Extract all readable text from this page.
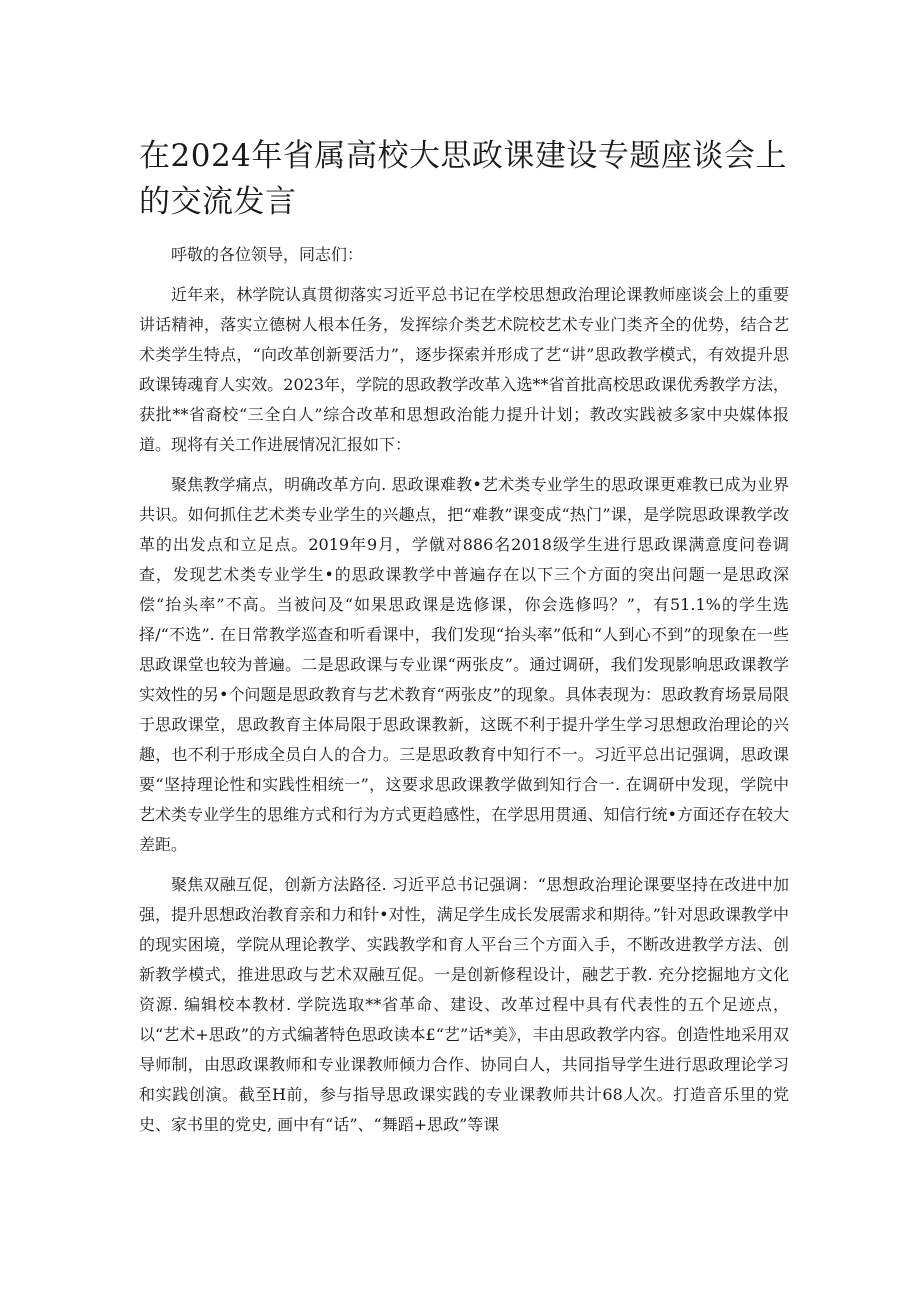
在2024年省属高校大思政课建设专题座谈会上的交流发言

呼敬的各位领导，同志们：

近年来，林学院认真贯彻落实习近平总书记在学校思想政治理论课教师座谈会上的重要讲话精神，落实立德树人根本任务，发挥综介类艺术院校艺术专业门类齐全的优势，结合艺术类学生特点，“向改革创新要活力”，逐步探索并形成了艺“讲”思政教学模式，有效提升思政课铸魂育人实效。2023年，学院的思政教学改革入选**省首批高校思政课优秀教学方法，获批**省裔校“三全白人”综合改革和思想政治能力提升计划；教改实践被多家中央媒体报道。现将有关工作进展情况汇报如下：

聚焦教学痛点，明确改革方向. 思政课难教•艺术类专业学生的思政课更难教已成为业界共识。如何抓住艺术类专业学生的兴趣点，把“难教”课变成“热门”课，是学院思政课教学改革的出发点和立足点。2019年9月，学僦对886名2018级学生进行思政课满意度问卷调查，发现艺术类专业学生•的思政课教学中普遍存在以下三个方面的突出问题一是思政深偿“抬头率”不高。当被问及“如果思政课是选修课，你会选修吗？”，有51.1%的学生选择/“不选”. 在日常教学巡查和听看课中，我们发现“抬头率”低和“人到心不到”的现象在一些思政课堂也较为普遍。二是思政课与专业课“两张皮”。通过调研，我们发现影响思政课教学实效性的另•个问题是思政教育与艺术教育“两张皮”的现象。具体表现为：思政教育场景局限于思政课堂，思政教育主体局限于思政课教新，这既不利于提升学生学习思想政治理论的兴趣，也不利于形成全员白人的合力。三是思政教育中知行不一。习近平总出记强调，思政课要“坚持理论性和实践性相统一”，这要求思政课教学做到知行合一. 在调研中发现，学院中艺术类专业学生的思维方式和行为方式更趋感性，在学思用贯通、知信行统•方面还存在较大差距。

聚焦双融互促，创新方法路径. 习近平总书记强调：“思想政治理论课要坚持在改进中加强，提升思想政治教育亲和力和针•对性，满足学生成长发展需求和期待。”针对思政课教学中的现实困境，学院从理论教学、实践教学和育人平台三个方面入手，不断改进教学方法、创新教学模式，推进思政与艺术双融互促。一是创新修程设计，融艺于教. 充分挖掘地方文化资源. 编辑校本教材. 学院选取**省革命、建设、改革过程中具有代表性的五个足迹点，以“艺术+思政”的方式编著特色思政读本£“艺”话*美》，丰由思政教学内容。创造性地采用双导师制，由思政课教师和专业课教师倾力合作、协同白人，共同指导学生进行思政理论学习和实践创演。截至H前，参与指导思政课实践的专业课教师共计68人次。打造音乐里的党史、家书里的党史, 画中有“话”、“舞蹈+思政”等课
